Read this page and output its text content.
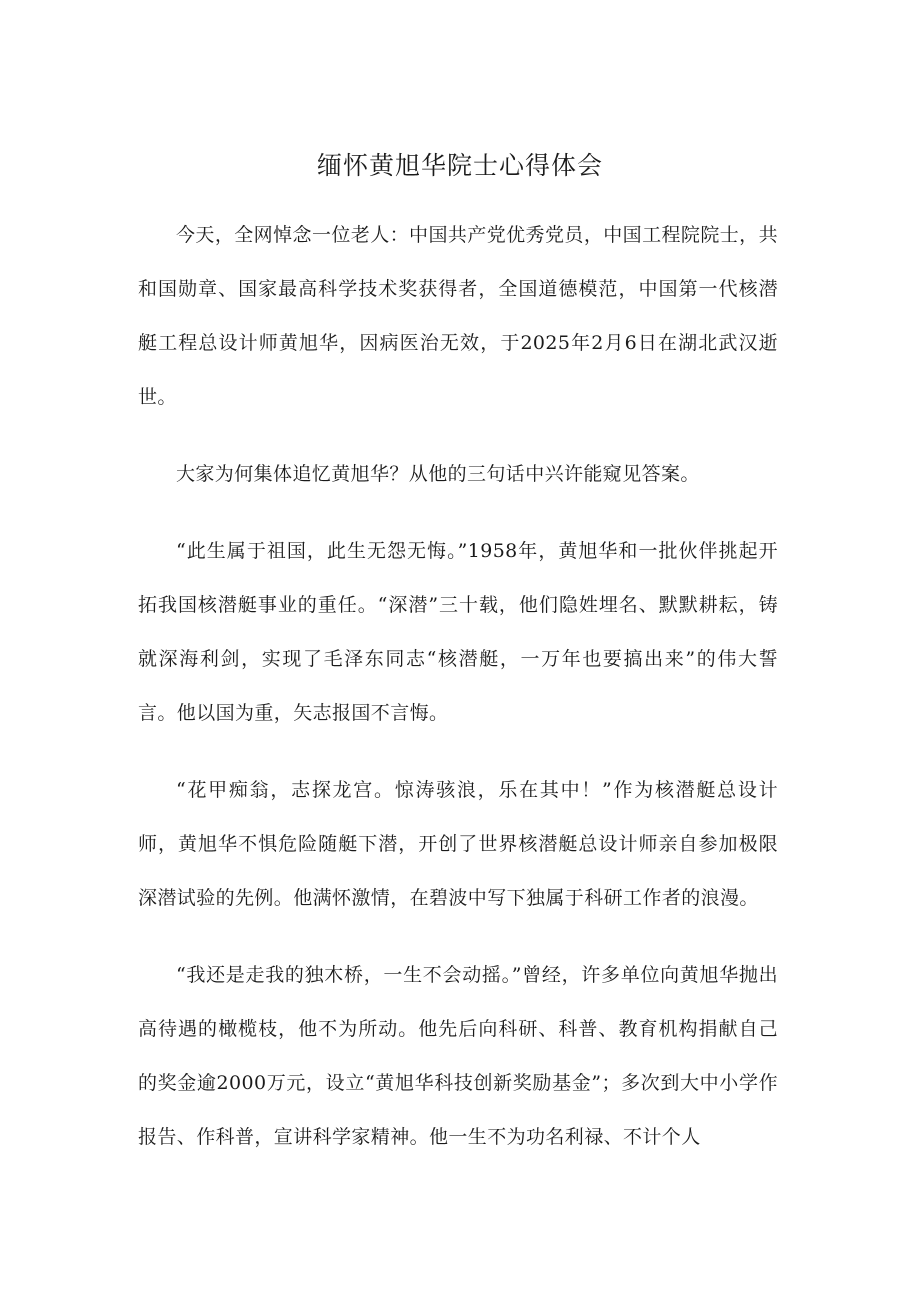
缅怀黄旭华院士心得体会

今天，全网悼念一位老人：中国共产党优秀党员，中国工程院院士，共和国勋章、国家最高科学技术奖获得者，全国道德模范，中国第一代核潜艇工程总设计师黄旭华，因病医治无效，于2025年2月6日在湖北武汉逝世。

大家为何集体追忆黄旭华？从他的三句话中兴许能窥见答案。

“此生属于祖国，此生无怨无悔。”1958年，黄旭华和一批伙伴挑起开拓我国核潜艇事业的重任。“深潜”三十载，他们隐姓埋名、默默耕耘，铸就深海利剑，实现了毛泽东同志“核潜艇，一万年也要搞出来”的伟大誓言。他以国为重，矢志报国不言悔。

“花甲痴翁，志探龙宫。惊涛骇浪，乐在其中！”作为核潜艇总设计师，黄旭华不惧危险随艇下潜，开创了世界核潜艇总设计师亲自参加极限深潜试验的先例。他满怀激情，在碧波中写下独属于科研工作者的浪漫。

“我还是走我的独木桥，一生不会动摇。”曾经，许多单位向黄旭华抛出高待遇的橄榄枝，他不为所动。他先后向科研、科普、教育机构捐献自己的奖金逾2000万元，设立“黄旭华科技创新奖励基金”；多次到大中小学作报告、作科普，宣讲科学家精神。他一生不为功名利禄、不计个人
